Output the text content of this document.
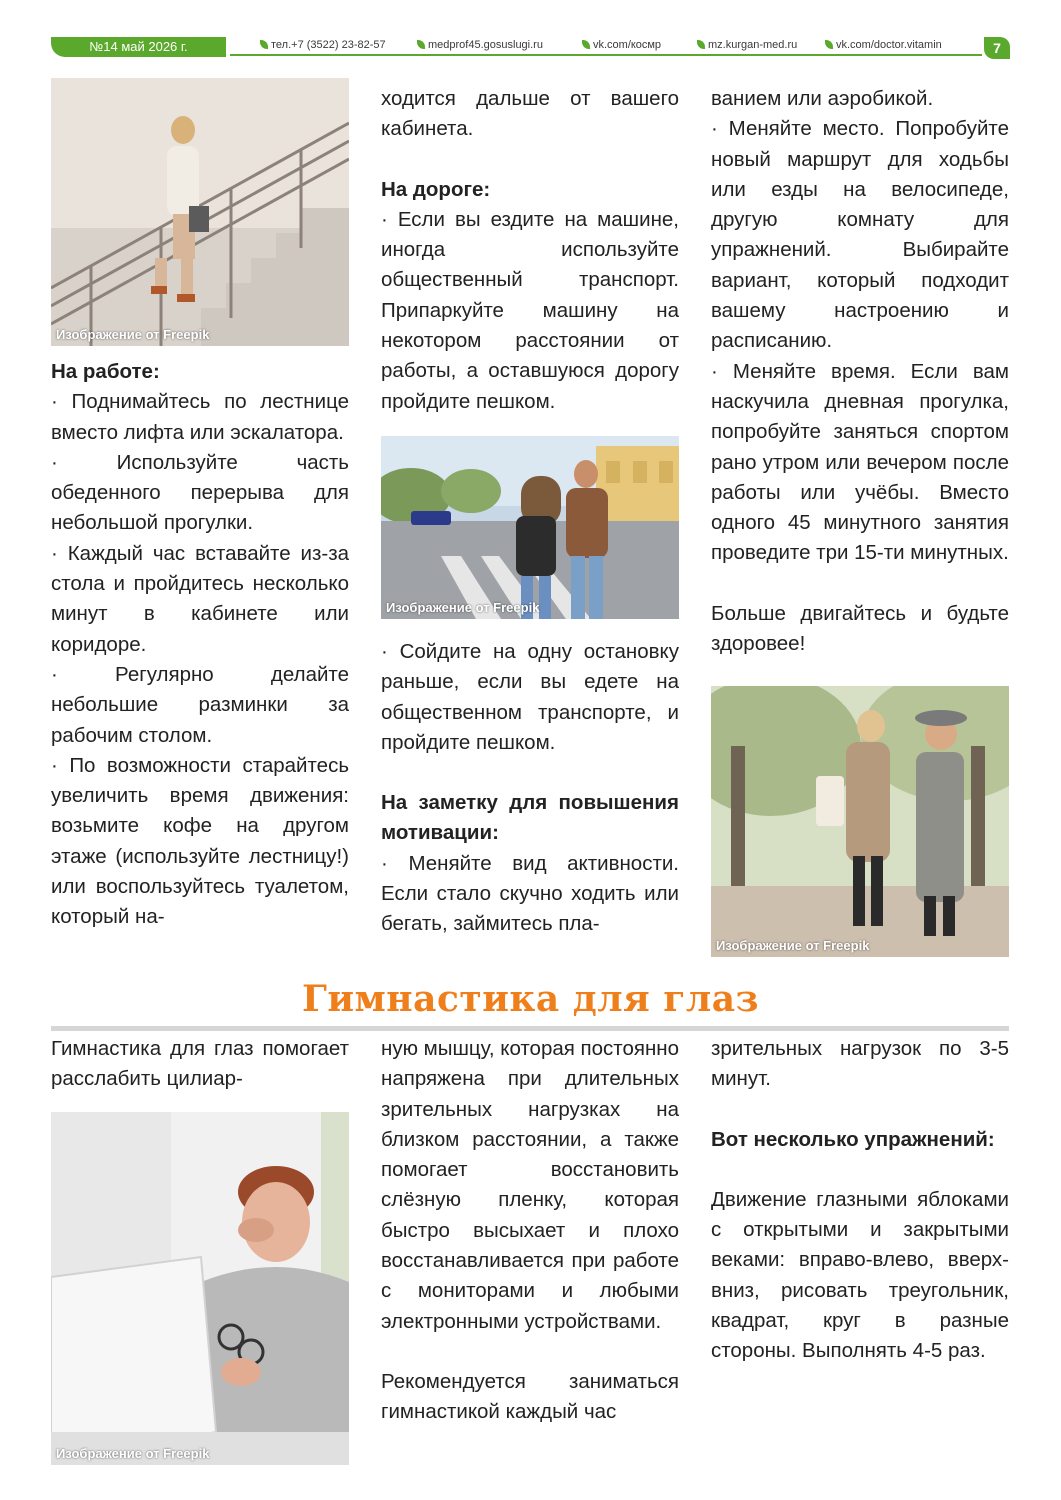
№14 май 2026 г.	тел.+7 (3522) 23-82-57	medprof45.gosuslugi.ru	vk.com/кocмp	mz.kurgan-med.ru	vk.com/doctor.vitamin	7
Изображение от Freepik

На работе:

· Поднимайтесь по лестнице вместо лифта или эскалатора.

· Используйте часть обеденного перерыва для небольшой прогулки.

· Каждый час вставайте из-за стола и пройдитесь несколько минут в кабинете или коридоре.

· Регулярно делайте небольшие разминки за рабочим столом.

· По возможности старайтесь увеличить время движения: возьмите кофе на другом этаже (используйте лестницу!) или воспользуйтесь туалетом, который на-

ходится дальше от вашего кабинета.

На дороге:

· Если вы ездите на машине, иногда используйте общественный транспорт. Припаркуйте машину на некотором расстоянии от работы, а оставшуюся дорогу пройдите пешком.

Изображение от Freepik

· Сойдите на одну остановку раньше, если вы едете на общественном транспорте, и пройдите пешком.

На заметку для повышения мотивации:

· Меняйте вид активности. Если стало скучно ходить или бегать, займитесь пла-

ванием или аэробикой.

· Меняйте место. Попробуйте новый маршрут для ходьбы или езды на велосипеде, другую комнату для упражнений. Выбирайте вариант, который подходит вашему настроению и расписанию.

· Меняйте время. Если вам наскучила дневная прогулка, попробуйте заняться спортом рано утром или вечером после работы или учёбы. Вместо одного 45 минутного занятия проведите три 15-ти минутных.

Больше двигайтесь и будьте здоровее!

Изображение от Freepik
Гимнастика для глаз

Гимнастика для глаз помогает расслабить цилиар-

Изображение от Freepik

ную мышцу, которая постоянно напряжена при длительных зрительных нагрузках на близком расстоянии, а также помогает восстановить слёзную пленку, которая быстро высыхает и плохо восстанавливается при работе с мониторами и любыми электронными устройствами.

Рекомендуется заниматься гимнастикой каждый час

зрительных нагрузок по 3-5 минут.

Вот несколько упражнений:

Движение глазными яблоками с открытыми и закрытыми веками: вправо-влево, вверх-вниз, рисовать треугольник, квадрат, круг в разные стороны. Выполнять 4-5 раз.
